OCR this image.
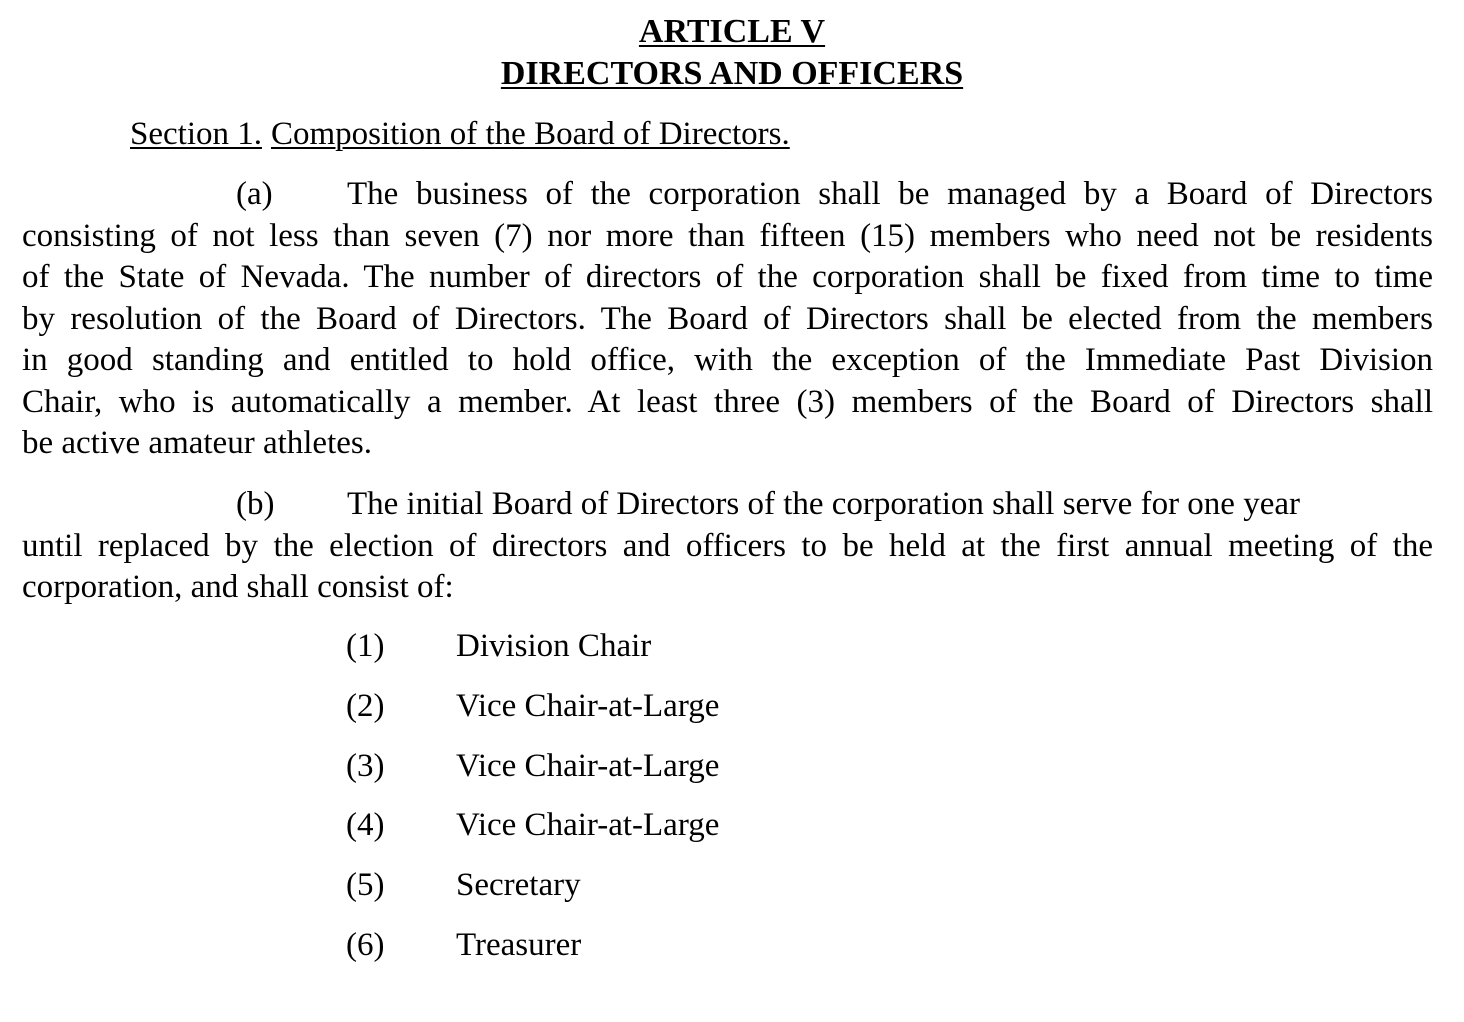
ARTICLE V
DIRECTORS AND OFFICERS
Section 1. Composition of the Board of Directors.
(a)	The business of the corporation shall be managed by a Board of Directors
consisting of not less than seven (7) nor more than fifteen (15) members who need not be residents
of the State of Nevada. The number of directors of the corporation shall be fixed from time to time
by resolution of the Board of Directors. The Board of Directors shall be elected from the members
in good standing and entitled to hold office, with the exception of the Immediate Past Division
Chair, who is automatically a member. At least three (3) members of the Board of Directors shall
be active amateur athletes.
(b)	The initial Board of Directors of the corporation shall serve for one year
until replaced by the election of directors and officers to be held at the first annual meeting of the
corporation, and shall consist of:
(1)	Division Chair
(2)	Vice Chair-at-Large
(3)	Vice Chair-at-Large
(4)	Vice Chair-at-Large
(5)	Secretary
(6)	Treasurer
